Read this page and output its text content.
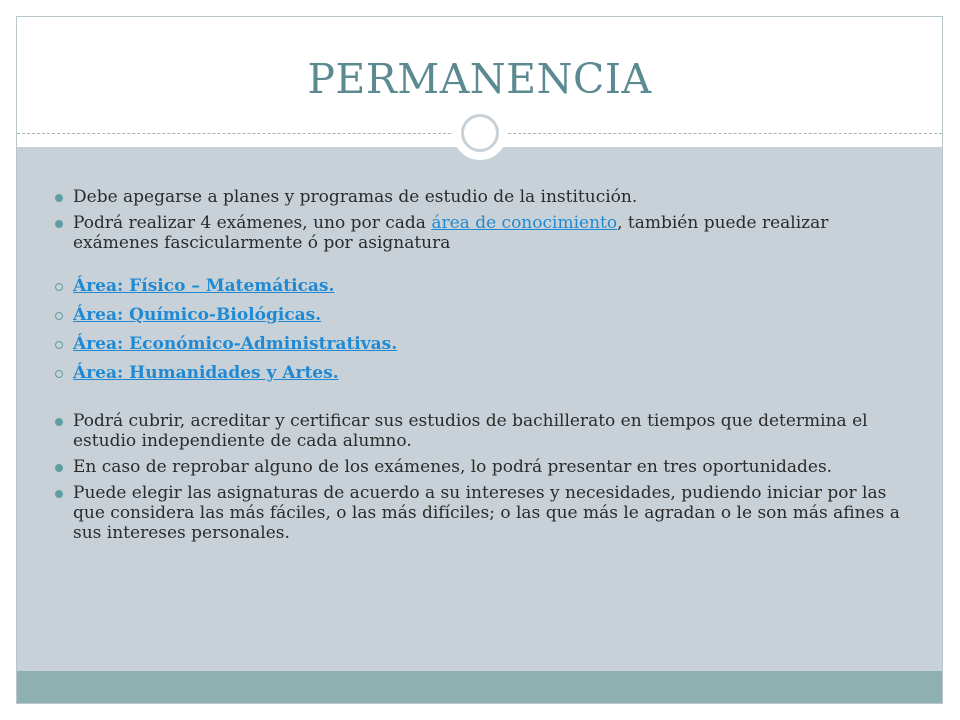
PERMANENCIA
Debe apegarse a planes y programas de estudio de la institución.
Podrá realizar 4 exámenes, uno por cada área de conocimiento, también puede realizar exámenes fascicularmente ó por asignatura
Área: Físico – Matemáticas.
Área: Químico-Biológicas.
Área: Económico-Administrativas.
Área: Humanidades y Artes.
Podrá cubrir, acreditar y certificar sus estudios de bachillerato en tiempos que determina el estudio independiente de cada alumno.
En caso de reprobar alguno de los exámenes, lo podrá presentar en tres oportunidades.
Puede elegir las asignaturas de acuerdo a su intereses y necesidades, pudiendo iniciar por las que considera las más fáciles, o las más difíciles; o las que más le agradan o le son más afines a sus intereses personales.
